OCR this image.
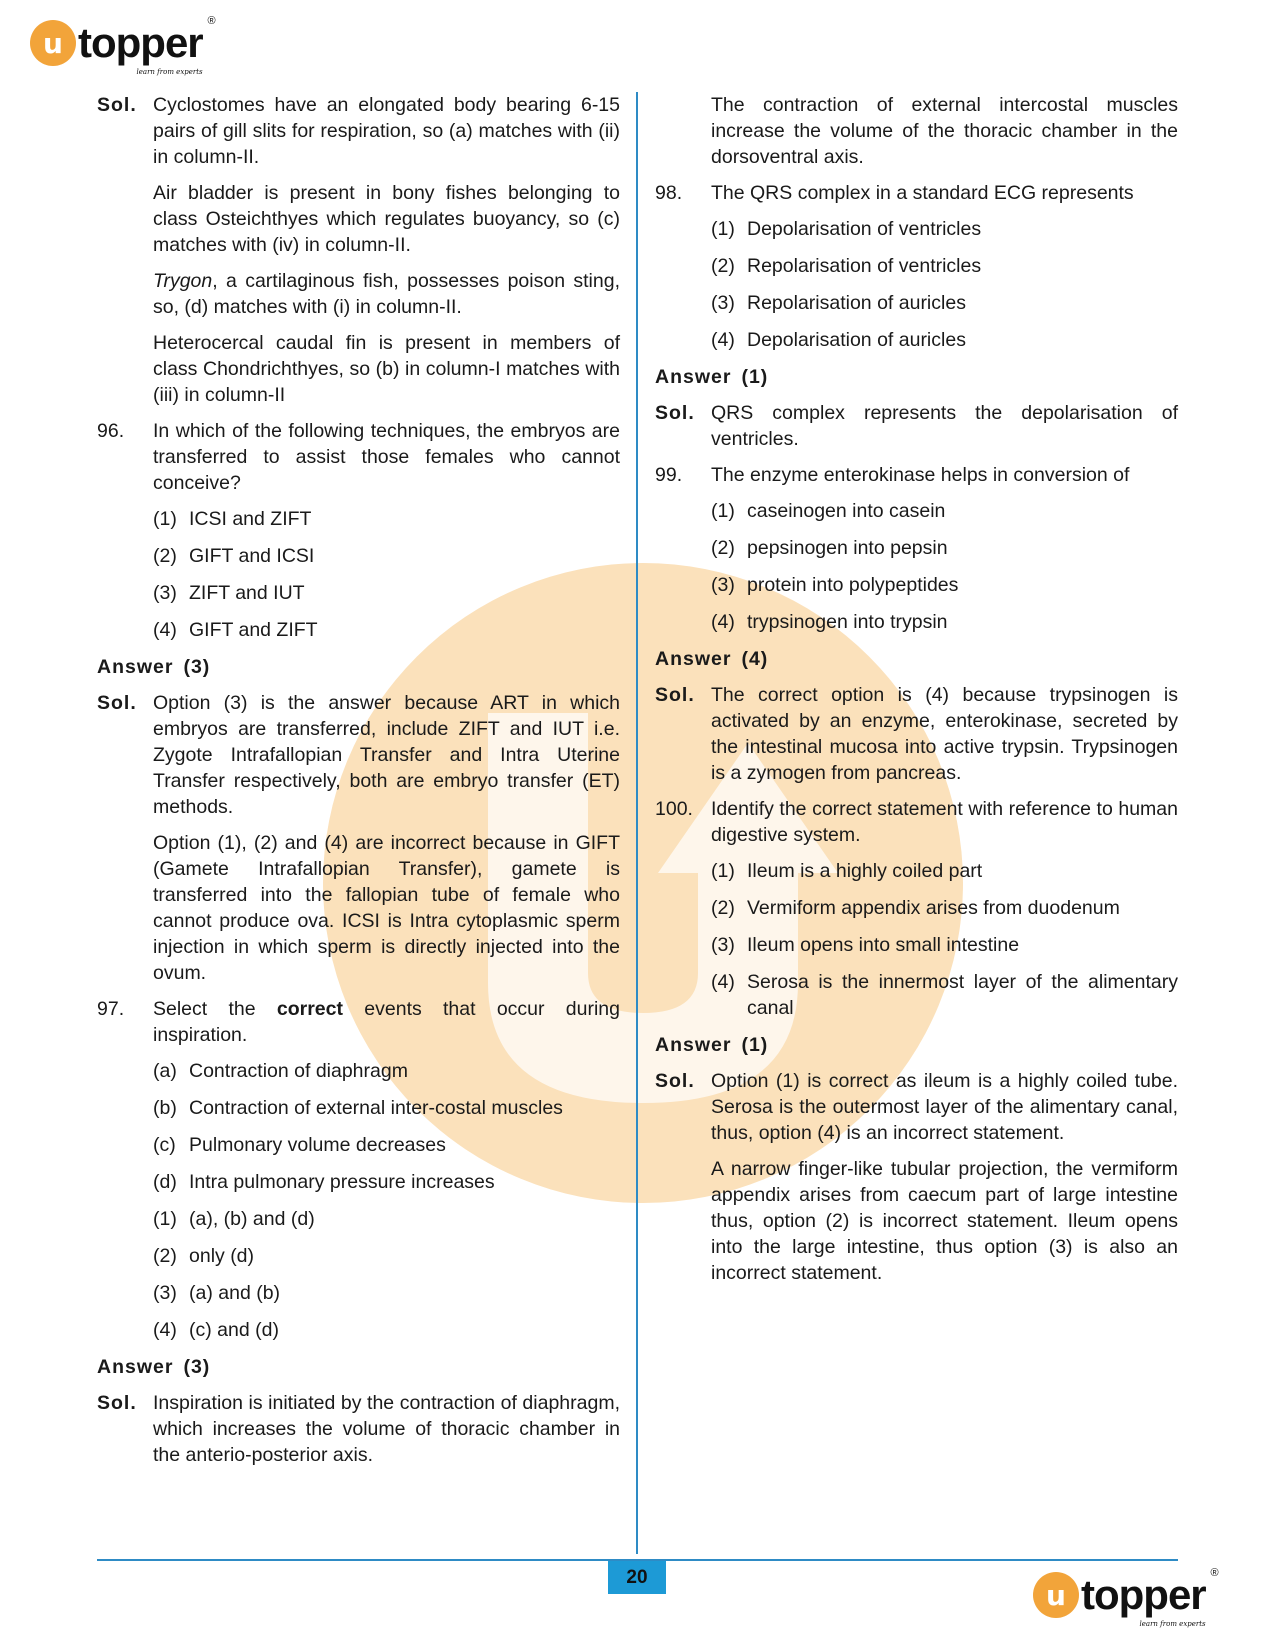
u topper ®
learn from experts
Sol. Cyclostomes have an elongated body bearing 6-15 pairs of gill slits for respiration, so (a) matches with (ii) in column-II.
Air bladder is present in bony fishes belonging to class Osteichthyes which regulates buoyancy, so (c) matches with (iv) in column-II.
Trygon, a cartilaginous fish, possesses poison sting, so, (d) matches with (i) in column-II.
Heterocercal caudal fin is present in members of class Chondrichthyes, so (b) in column-I matches with (iii) in column-II
96.	In which of the following techniques, the embryos are transferred to assist those females who cannot conceive?
(1) ICSI and ZIFT
(2) GIFT and ICSI
(3) ZIFT and IUT
(4) GIFT and ZIFT
Answer (3)
Sol. Option (3) is the answer because ART in which embryos are transferred, include ZIFT and IUT i.e. Zygote Intrafallopian Transfer and Intra Uterine Transfer respectively, both are embryo transfer (ET) methods.
Option (1), (2) and (4) are incorrect because in GIFT (Gamete Intrafallopian Transfer), gamete is transferred into the fallopian tube of female who cannot produce ova. ICSI is Intra cytoplasmic sperm injection in which sperm is directly injected into the ovum.
97.	Select the correct events that occur during inspiration.
(a) Contraction of diaphragm
(b) Contraction of external inter-costal muscles
(c) Pulmonary volume decreases
(d) Intra pulmonary pressure increases
(1) (a), (b) and (d)
(2) only (d)
(3) (a) and (b)
(4) (c) and (d)
Answer (3)
Sol. Inspiration is initiated by the contraction of diaphragm, which increases the volume of thoracic chamber in the anterio-posterior axis.
The contraction of external intercostal muscles increase the volume of the thoracic chamber in the dorsoventral axis.
98.	The QRS complex in a standard ECG represents
(1) Depolarisation of ventricles
(2) Repolarisation of ventricles
(3) Repolarisation of auricles
(4) Depolarisation of auricles
Answer (1)
Sol. QRS complex represents the depolarisation of ventricles.
99.	The enzyme enterokinase helps in conversion of
(1) caseinogen into casein
(2) pepsinogen into pepsin
(3) protein into polypeptides
(4) trypsinogen into trypsin
Answer (4)
Sol. The correct option is (4) because trypsinogen is activated by an enzyme, enterokinase, secreted by the intestinal mucosa into active trypsin. Trypsinogen is a zymogen from pancreas.
100. Identify the correct statement with reference to human digestive system.
(1) Ileum is a highly coiled part
(2) Vermiform appendix arises from duodenum
(3) Ileum opens into small intestine
(4) Serosa is the innermost layer of the alimentary canal
Answer (1)
Sol. Option (1) is correct as ileum is a highly coiled tube. Serosa is the outermost layer of the alimentary canal, thus, option (4) is an incorrect statement.
A narrow finger-like tubular projection, the vermiform appendix arises from caecum part of large intestine thus, option (2) is incorrect statement. Ileum opens into the large intestine, thus option (3) is also an incorrect statement.
20
u topper ®
learn from experts
